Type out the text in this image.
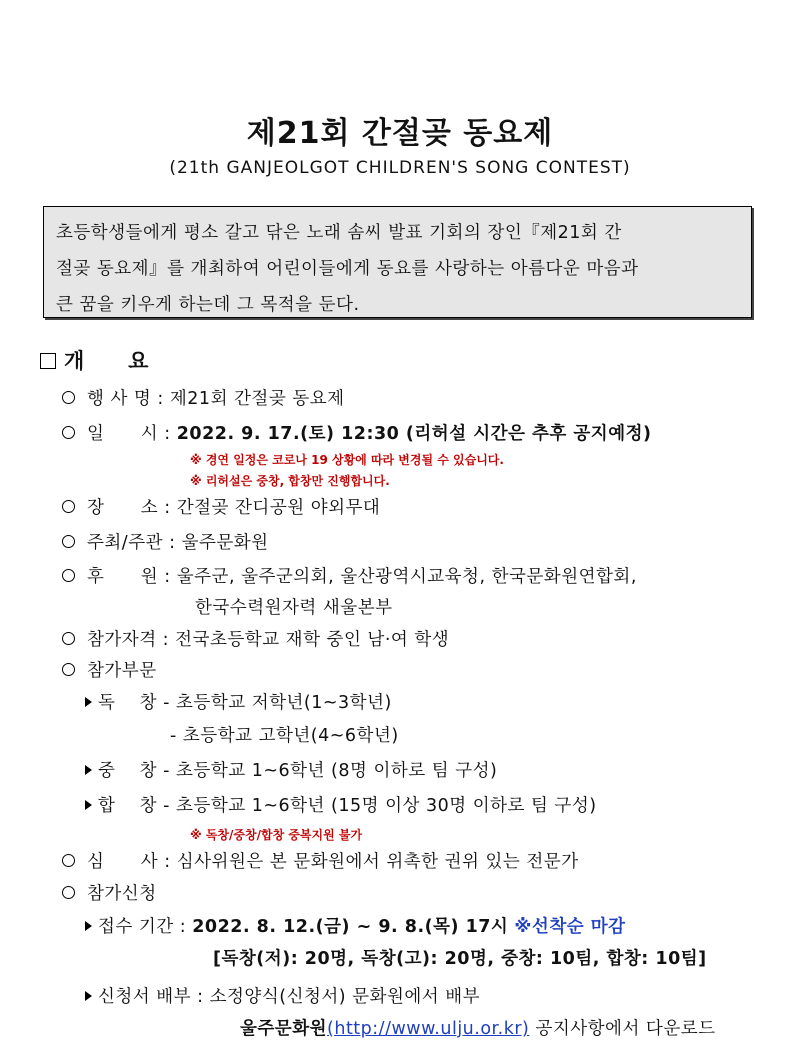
제21회 간절곶 동요제
(21th GANJEOLGOT CHILDREN'S SONG CONTEST)
초등학생들에게 평소 갈고 닦은 노래 솜씨 발표 기회의 장인『제21회 간
절곶 동요제』를 개최하여 어린이들에게 동요를 사랑하는 아름다운 마음과
큰 꿈을 키우게 하는데 그 목적을 둔다.
개      요
행 사 명 : 제21회 간절곶 동요제
일      시 : 2022. 9. 17.(토) 12:30 (리허설 시간은 추후 공지예정)
※ 경연 일정은 코로나 19 상황에 따라 변경될 수 있습니다.
※ 리허설은 중창, 합창만 진행합니다.
장      소 : 간절곶 잔디공원 야외무대
주최/주관 : 울주문화원
후      원 : 울주군, 울주군의회, 울산광역시교육청, 한국문화원연합회,
한국수력원자력 새울본부
참가자격 : 전국초등학교 재학 중인 남·여 학생
참가부문
독    창 - 초등학교 저학년(1~3학년)
- 초등학교 고학년(4~6학년)
중    창 - 초등학교 1~6학년 (8명 이하로 팀 구성)
합    창 - 초등학교 1~6학년 (15명 이상 30명 이하로 팀 구성)
※ 독창/중창/합창 중복지원 불가
심      사 : 심사위원은 본 문화원에서 위촉한 권위 있는 전문가
참가신청
접수 기간 : 2022. 8. 12.(금) ~ 9. 8.(목) 17시 ※선착순 마감
[독창(저): 20명, 독창(고): 20명, 중창: 10팀, 합창: 10팀]
신청서 배부 : 소정양식(신청서) 문화원에서 배부
울주문화원(http://www.ulju.or.kr) 공지사항에서 다운로드
